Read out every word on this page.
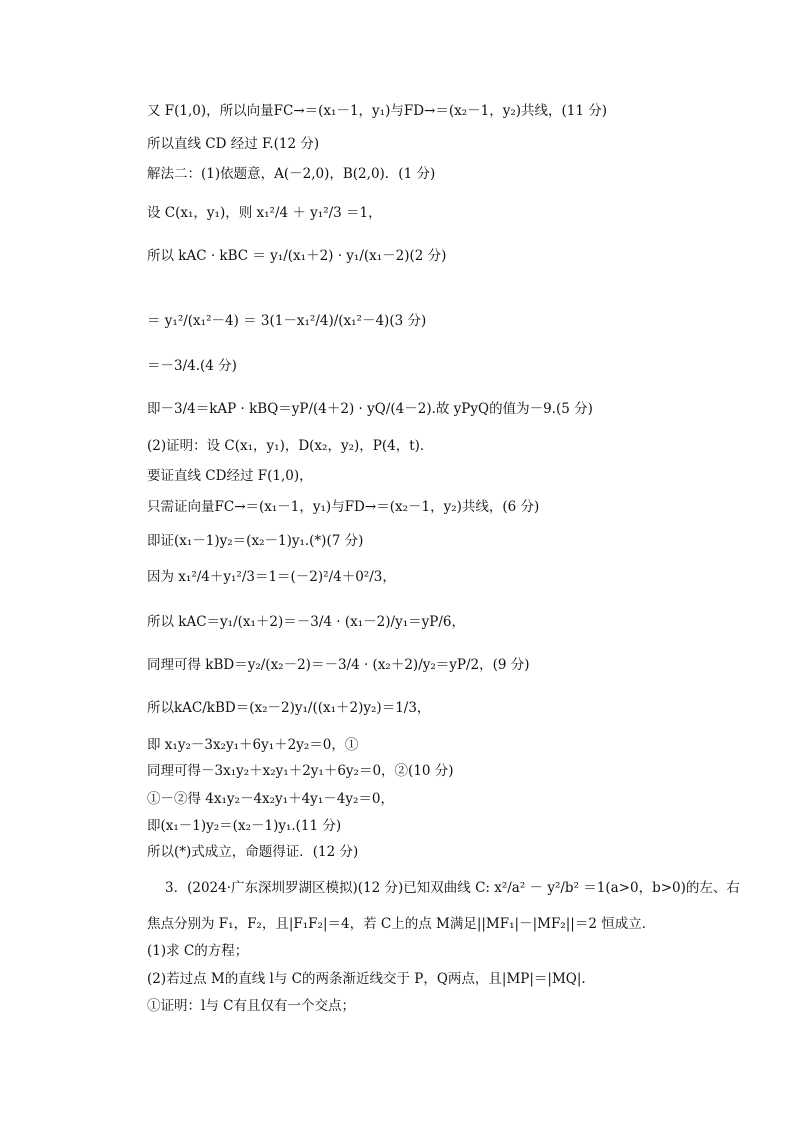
又 F(1,0)，所以向量FC→＝(x₁－1，y₁)与FD→＝(x₂－1，y₂)共线，(11 分)
所以直线 CD 经过 F.(12 分)
解法二：(1)依题意，A(－2,0)，B(2,0)．(1 分)
设 C(x₁，y₁)，则 x₁²/4 ＋ y₁²/3 ＝1，
所以 kAC · kBC ＝ y₁/(x₁＋2) · y₁/(x₁－2)(2 分)
＝ y₁²/(x₁²－4) ＝ 3(1－x₁²/4)/(x₁²－4)(3 分)
＝－3/4.(4 分)
即－3/4＝kAP · kBQ＝yP/(4＋2) · yQ/(4－2).故 yPyQ的值为－9.(5 分)
(2)证明：设 C(x₁，y₁)，D(x₂，y₂)，P(4，t)．
要证直线 CD经过 F(1,0)，
只需证向量FC→＝(x₁－1，y₁)与FD→＝(x₂－1，y₂)共线，(6 分)
即证(x₁－1)y₂＝(x₂－1)y₁.(*)(7 分)
因为 x₁²/4＋y₁²/3＝1＝(－2)²/4＋0²/3，
所以 kAC＝y₁/(x₁＋2)＝－3/4 · (x₁－2)/y₁＝yP/6，
同理可得 kBD＝y₂/(x₂－2)＝－3/4 · (x₂＋2)/y₂＝yP/2，(9 分)
所以kAC/kBD＝(x₂－2)y₁/((x₁＋2)y₂)＝1/3，
即 x₁y₂－3x₂y₁＋6y₁＋2y₂＝0，①
同理可得－3x₁y₂＋x₂y₁＋2y₁＋6y₂＝0，②(10 分)
①－②得 4x₁y₂－4x₂y₁＋4y₁－4y₂＝0，
即(x₁－1)y₂＝(x₂－1)y₁.(11 分)
所以(*)式成立，命题得证．(12 分)
3．(2024·广东深圳罗湖区模拟)(12 分)已知双曲线 C: x²/a² － y²/b² ＝1(a>0，b>0)的左、右
焦点分别为 F₁，F₂，且|F₁F₂|＝4，若 C上的点 M满足||MF₁|－|MF₂||＝2 恒成立．
(1)求 C的方程；
(2)若过点 M的直线 l与 C的两条渐近线交于 P，Q两点，且|MP|＝|MQ|.
①证明：l与 C有且仅有一个交点；
